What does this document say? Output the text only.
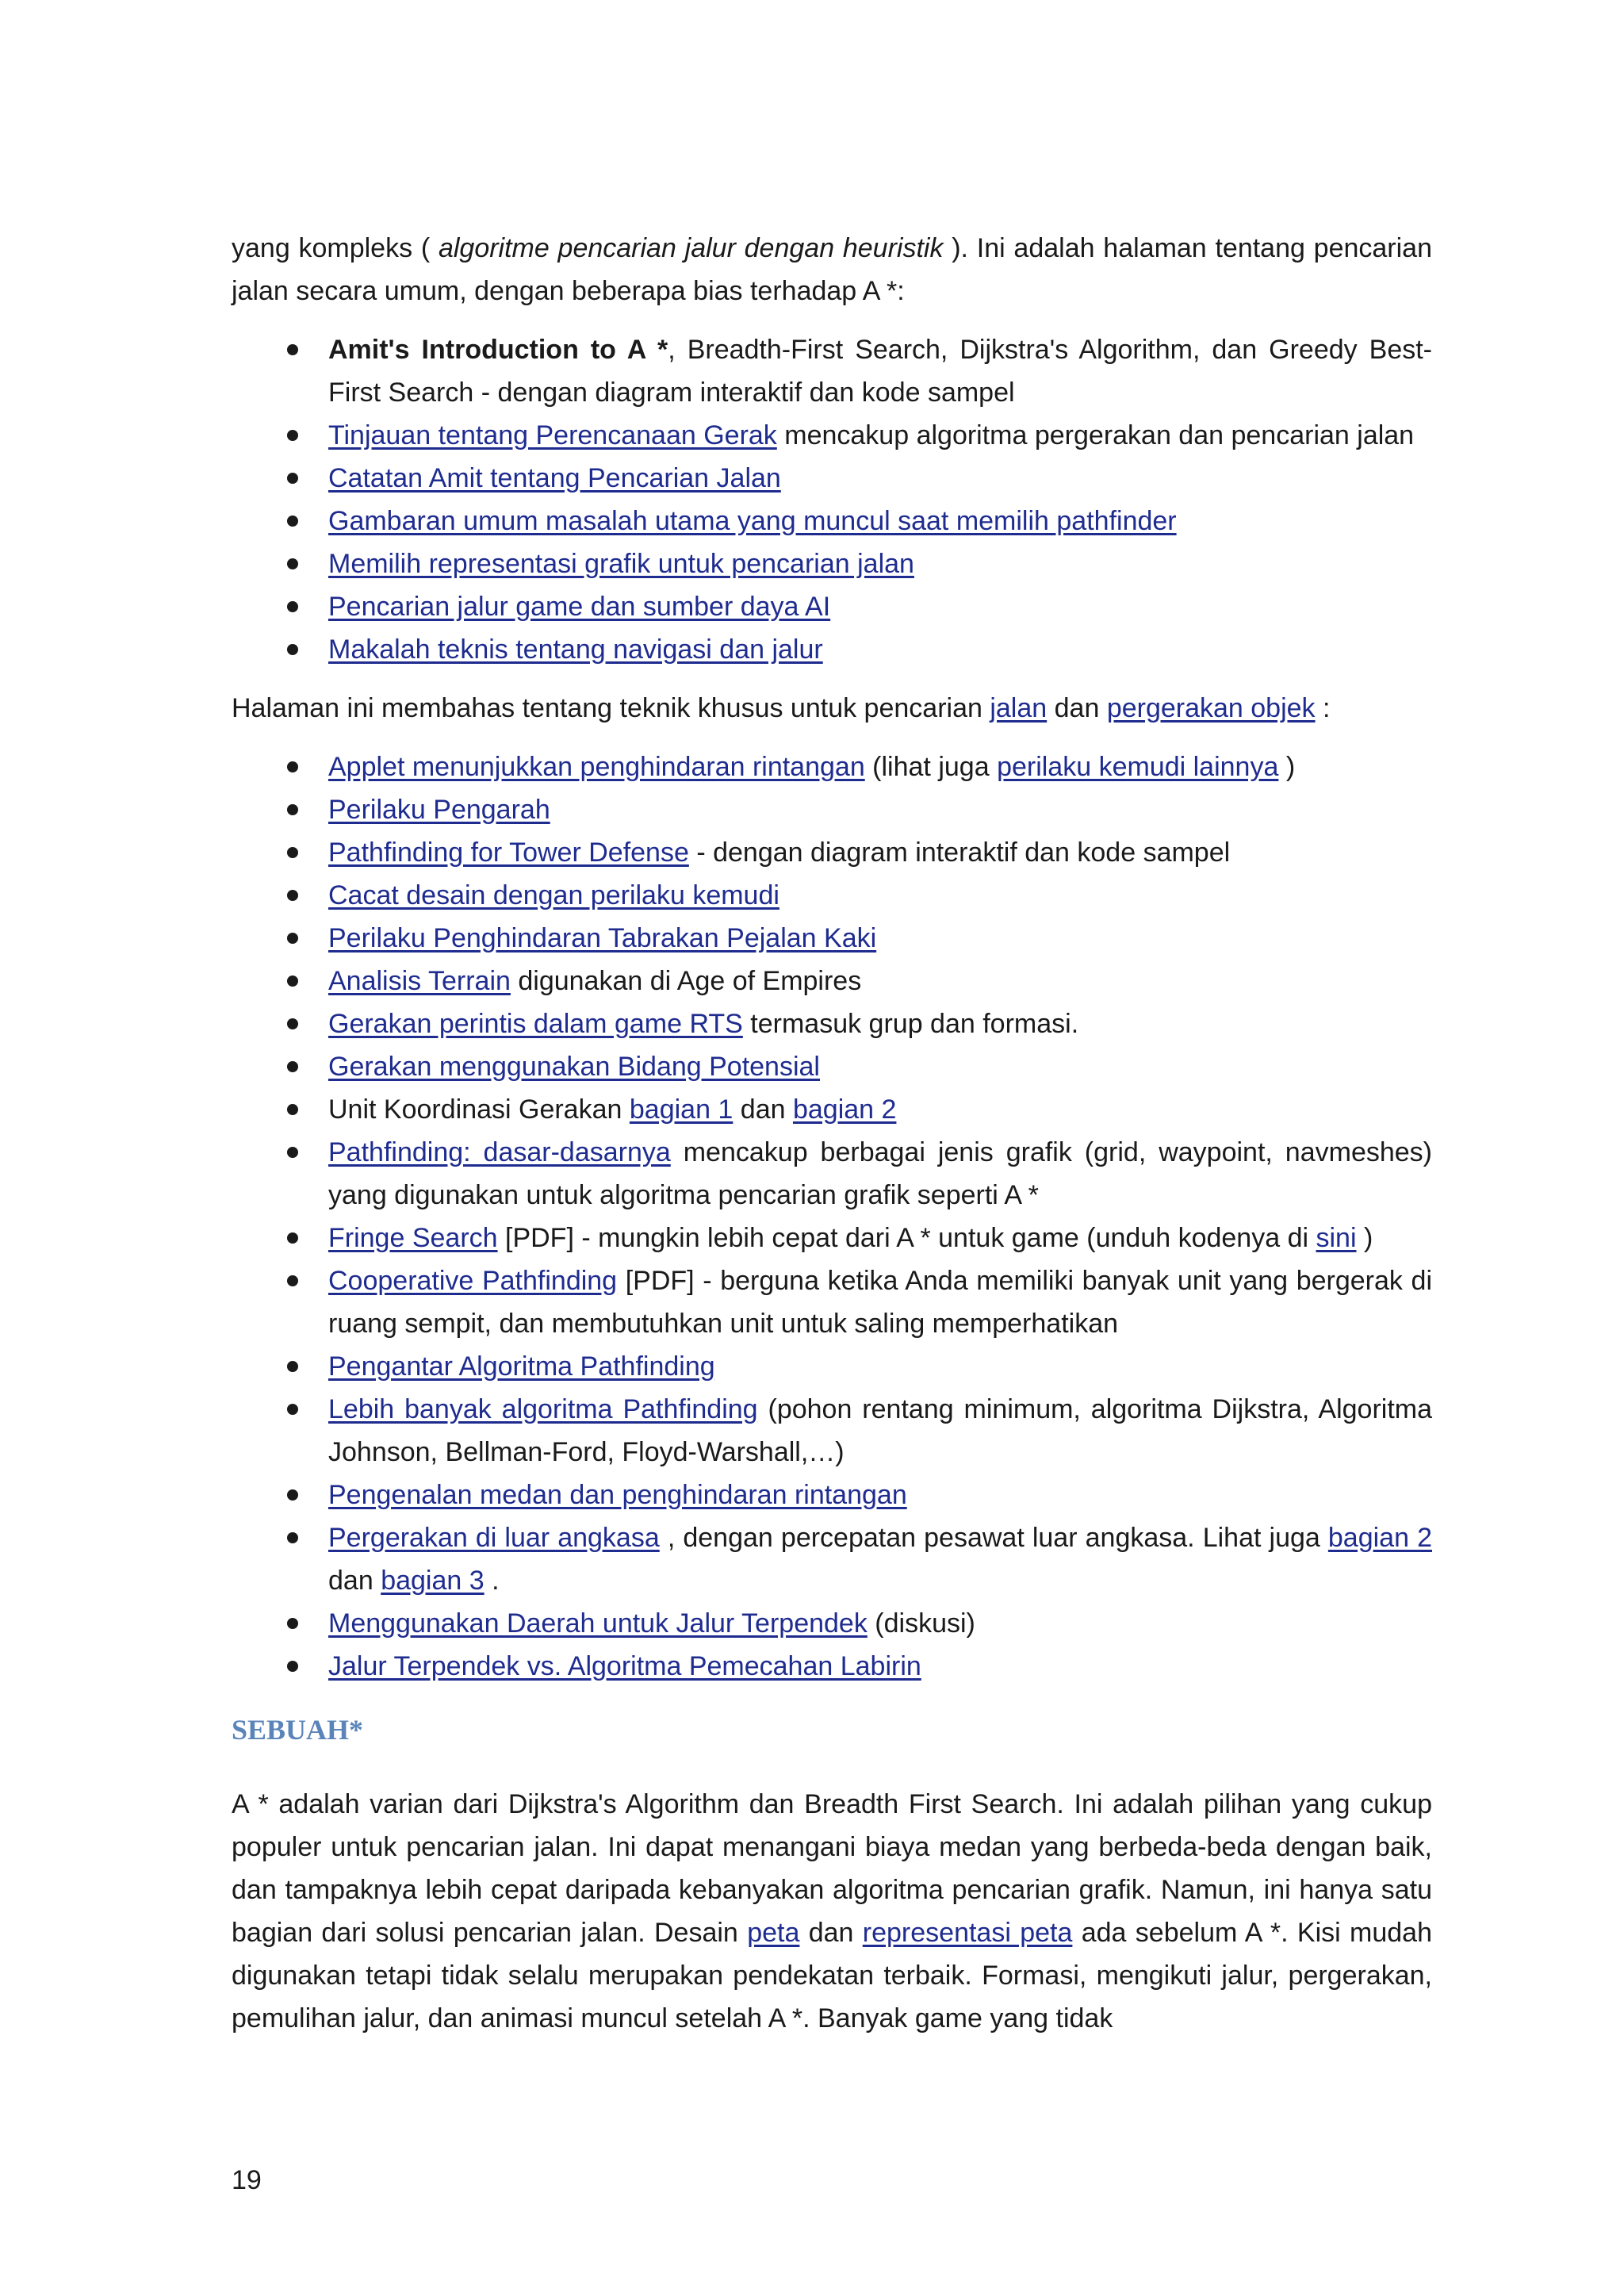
yang kompleks ( algoritme pencarian jalur dengan heuristik ). Ini adalah halaman tentang pencarian jalan secara umum, dengan beberapa bias terhadap A *:

Amit's Introduction to A *, Breadth-First Search, Dijkstra's Algorithm, dan Greedy Best-First Search - dengan diagram interaktif dan kode sampel
Tinjauan tentang Perencanaan Gerak mencakup algoritma pergerakan dan pencarian jalan
Catatan Amit tentang Pencarian Jalan
Gambaran umum masalah utama yang muncul saat memilih pathfinder
Memilih representasi grafik untuk pencarian jalan
Pencarian jalur game dan sumber daya AI
Makalah teknis tentang navigasi dan jalur

Halaman ini membahas tentang teknik khusus untuk pencarian jalan dan pergerakan objek :

Applet menunjukkan penghindaran rintangan (lihat juga perilaku kemudi lainnya )
Perilaku Pengarah
Pathfinding for Tower Defense - dengan diagram interaktif dan kode sampel
Cacat desain dengan perilaku kemudi
Perilaku Penghindaran Tabrakan Pejalan Kaki
Analisis Terrain digunakan di Age of Empires
Gerakan perintis dalam game RTS termasuk grup dan formasi.
Gerakan menggunakan Bidang Potensial
Unit Koordinasi Gerakan bagian 1 dan bagian 2
Pathfinding: dasar-dasarnya mencakup berbagai jenis grafik (grid, waypoint, navmeshes) yang digunakan untuk algoritma pencarian grafik seperti A *
Fringe Search [PDF] - mungkin lebih cepat dari A * untuk game (unduh kodenya di sini )
Cooperative Pathfinding [PDF] - berguna ketika Anda memiliki banyak unit yang bergerak di ruang sempit, dan membutuhkan unit untuk saling memperhatikan
Pengantar Algoritma Pathfinding
Lebih banyak algoritma Pathfinding (pohon rentang minimum, algoritma Dijkstra, Algoritma Johnson, Bellman-Ford, Floyd-Warshall,…)
Pengenalan medan dan penghindaran rintangan
Pergerakan di luar angkasa , dengan percepatan pesawat luar angkasa. Lihat juga bagian 2 dan bagian 3 .
Menggunakan Daerah untuk Jalur Terpendek (diskusi)
Jalur Terpendek vs. Algoritma Pemecahan Labirin
SEBUAH*

A * adalah varian dari Dijkstra's Algorithm dan Breadth First Search. Ini adalah pilihan yang cukup populer untuk pencarian jalan. Ini dapat menangani biaya medan yang berbeda-beda dengan baik, dan tampaknya lebih cepat daripada kebanyakan algoritma pencarian grafik. Namun, ini hanya satu bagian dari solusi pencarian jalan. Desain peta dan representasi peta ada sebelum A *. Kisi mudah digunakan tetapi tidak selalu merupakan pendekatan terbaik. Formasi, mengikuti jalur, pergerakan, pemulihan jalur, dan animasi muncul setelah A *. Banyak game yang tidak

19
